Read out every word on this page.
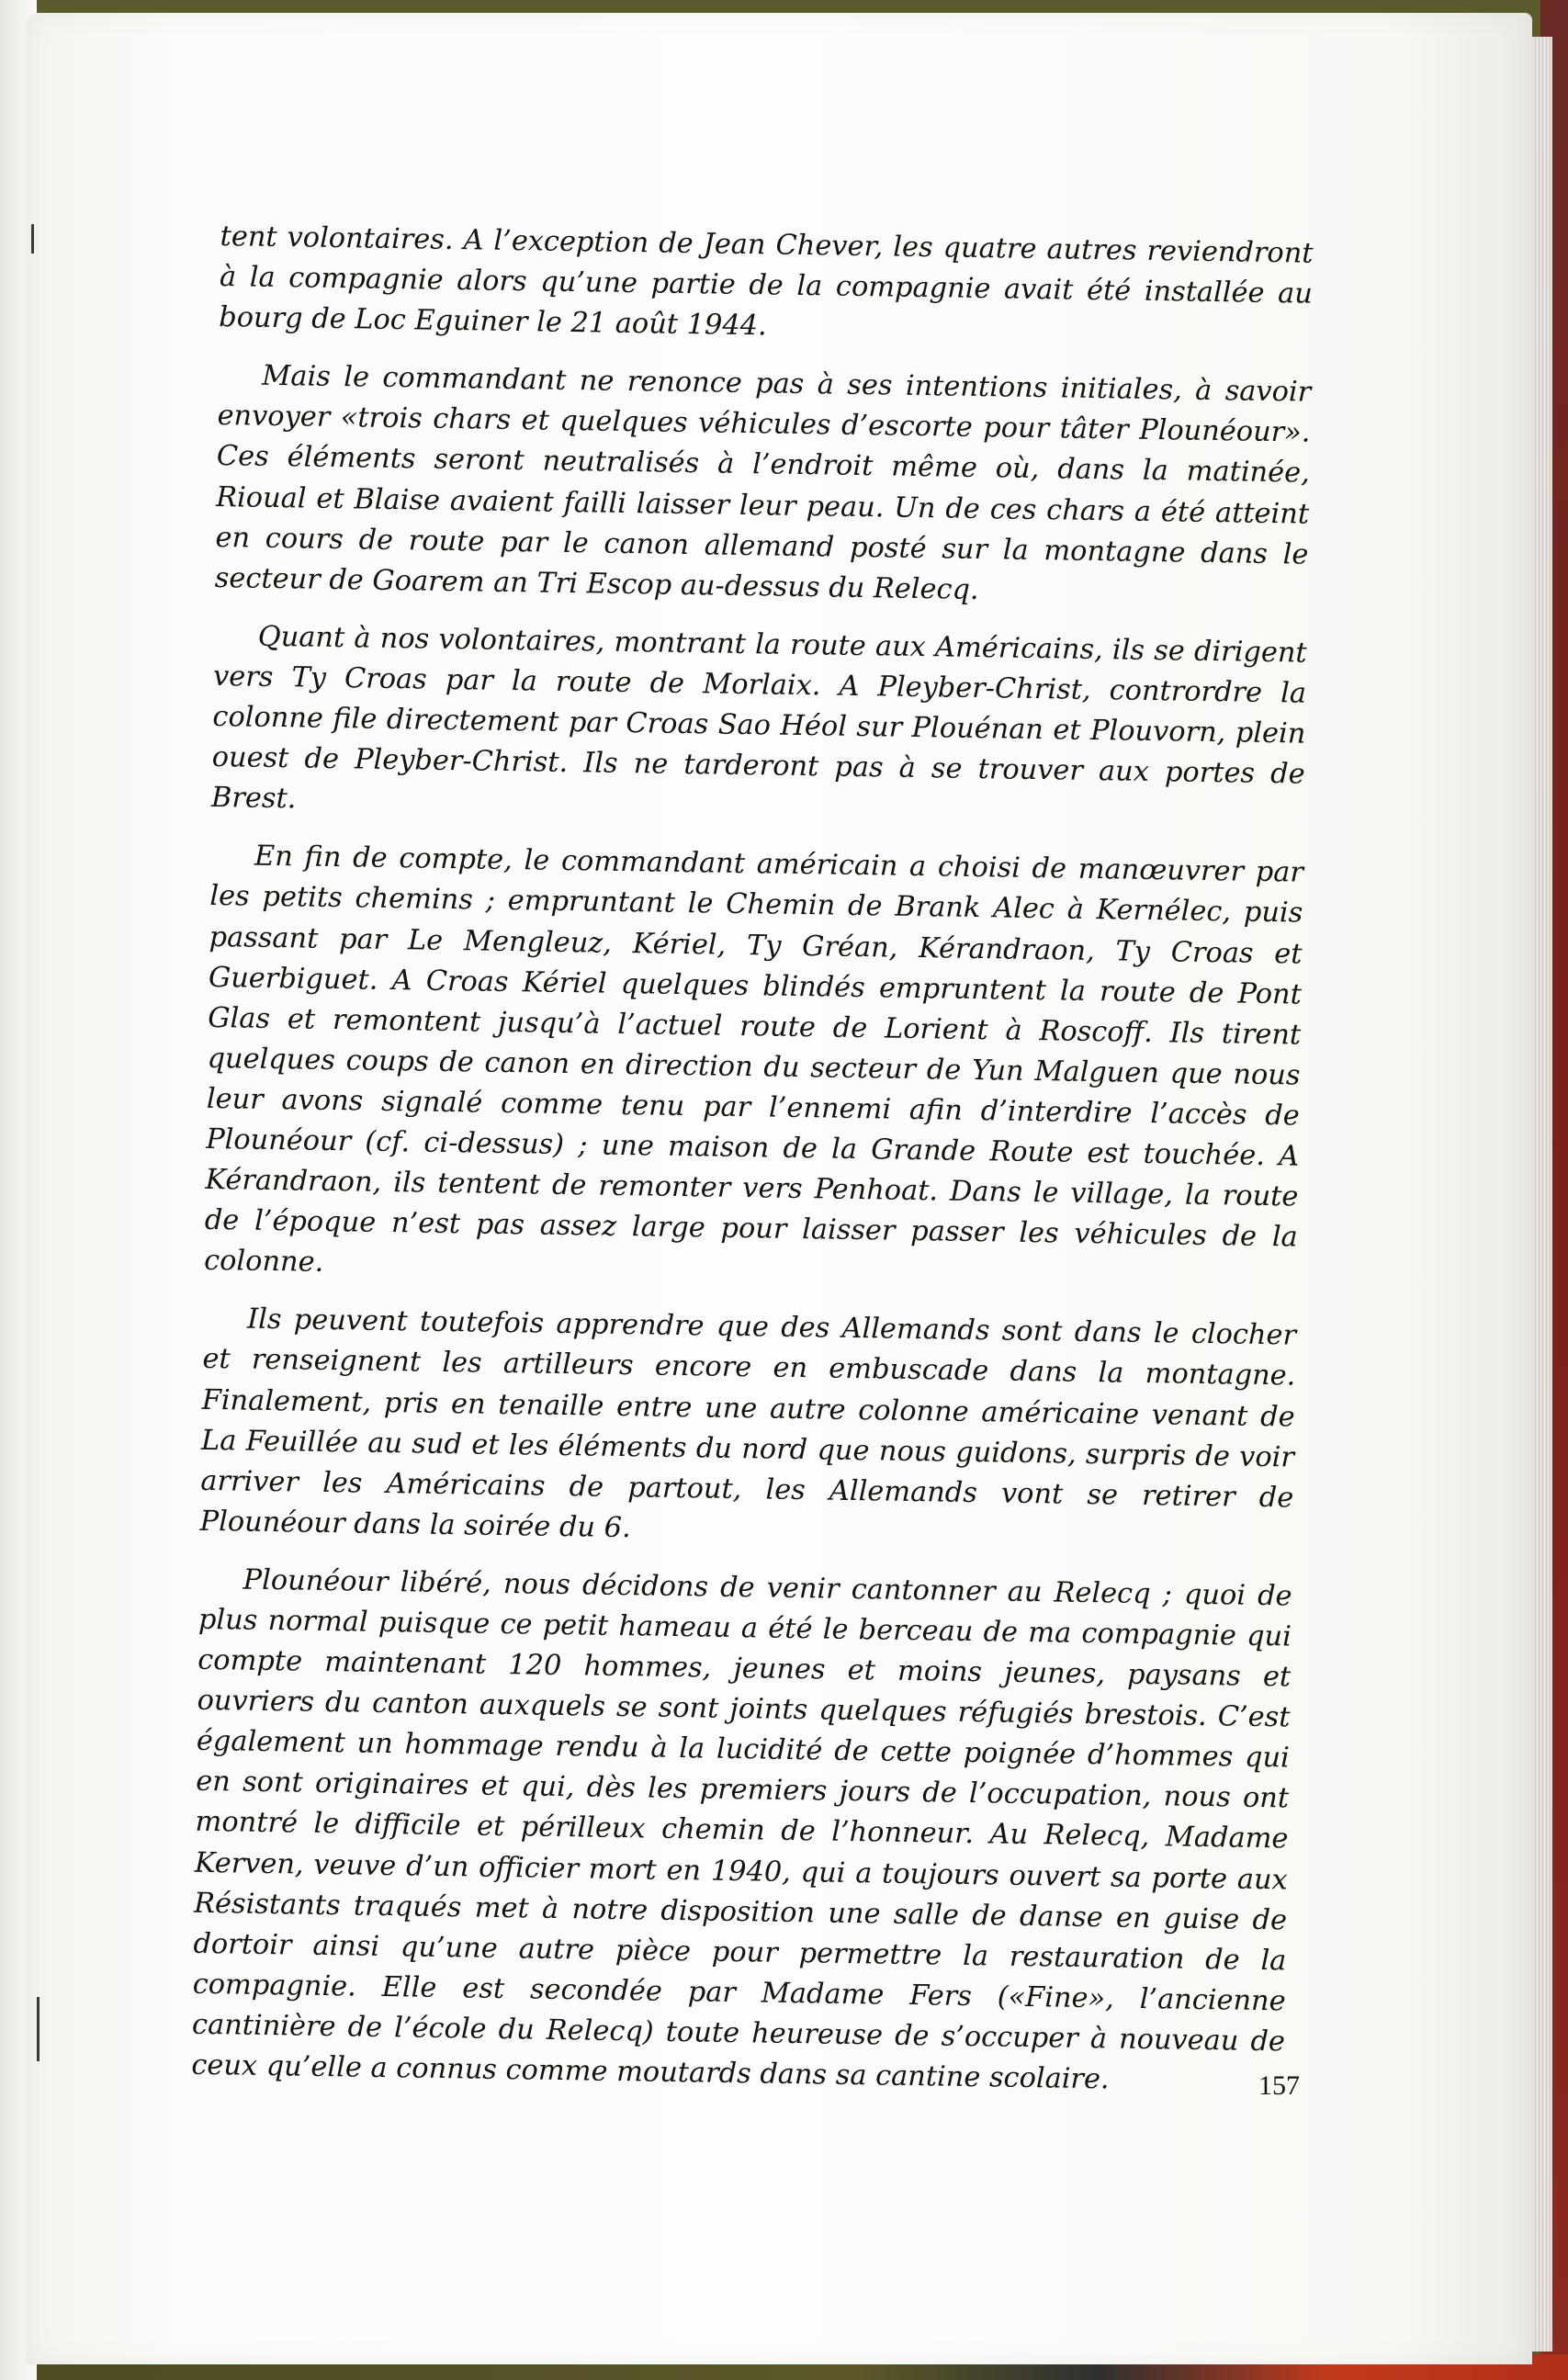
tent volontaires. A l’exception de Jean Chever, les quatre autres reviendront à la compagnie alors qu’une partie de la compagnie avait été installée au bourg de Loc Eguiner le 21 août 1944.

Mais le commandant ne renonce pas à ses intentions initiales, à savoir envoyer «trois chars et quelques véhicules d’escorte pour tâter Plounéour». Ces éléments seront neutralisés à l’endroit même où, dans la matinée, Rioual et Blaise avaient failli laisser leur peau. Un de ces chars a été atteint en cours de route par le canon allemand posté sur la montagne dans le secteur de Goarem an Tri Escop au-dessus du Relecq.

Quant à nos volontaires, montrant la route aux Américains, ils se dirigent vers Ty Croas par la route de Morlaix. A Pleyber-Christ, contrordre la colonne file directement par Croas Sao Héol sur Plouénan et Plouvorn, plein ouest de Pleyber-Christ. Ils ne tarderont pas à se trouver aux portes de Brest.

En fin de compte, le commandant américain a choisi de manœuvrer par les petits chemins ; empruntant le Chemin de Brank Alec à Kernélec, puis passant par Le Mengleuz, Kériel, Ty Gréan, Kérandraon, Ty Croas et Guerbiguet. A Croas Kériel quelques blindés empruntent la route de Pont Glas et remontent jusqu’à l’actuel route de Lorient à Roscoff. Ils tirent quelques coups de canon en direction du secteur de Yun Malguen que nous leur avons signalé comme tenu par l’ennemi afin d’interdire l’accès de Plounéour (cf. ci-dessus) ; une maison de la Grande Route est touchée. A Kérandraon, ils tentent de remonter vers Penhoat. Dans le village, la route de l’époque n’est pas assez large pour laisser passer les véhicules de la colonne.

Ils peuvent toutefois apprendre que des Allemands sont dans le clocher et renseignent les artilleurs encore en embuscade dans la montagne. Finalement, pris en tenaille entre une autre colonne américaine venant de La Feuillée au sud et les éléments du nord que nous guidons, surpris de voir arriver les Américains de partout, les Allemands vont se retirer de Plounéour dans la soirée du 6.

Plounéour libéré, nous décidons de venir cantonner au Relecq ; quoi de plus normal puisque ce petit hameau a été le berceau de ma compagnie qui compte maintenant 120 hommes, jeunes et moins jeunes, paysans et ouvriers du canton auxquels se sont joints quelques réfugiés brestois. C’est également un hommage rendu à la lucidité de cette poignée d’hommes qui en sont originaires et qui, dès les premiers jours de l’occupation, nous ont montré le difficile et périlleux chemin de l’honneur. Au Relecq, Madame Kerven, veuve d’un officier mort en 1940, qui a toujours ouvert sa porte aux Résistants traqués met à notre disposition une salle de danse en guise de dortoir ainsi qu’une autre pièce pour permettre la restauration de la compagnie. Elle est secondée par Madame Fers («Fine», l’ancienne cantinière de l’école du Relecq) toute heureuse de s’occuper à nouveau de ceux qu’elle a connus comme moutards dans sa cantine scolaire.	157
